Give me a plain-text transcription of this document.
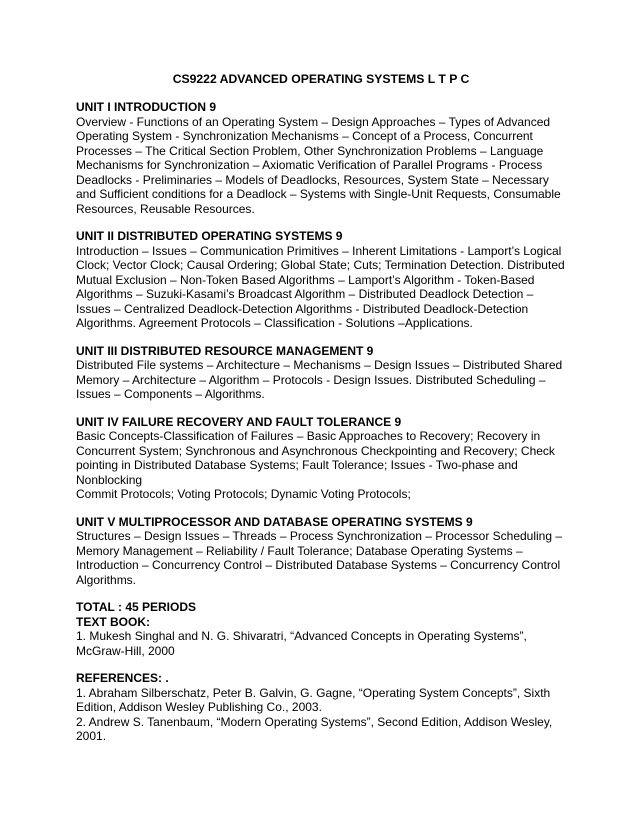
CS9222 ADVANCED OPERATING SYSTEMS L T P C
UNIT I INTRODUCTION 9
Overview - Functions of an Operating System – Design Approaches – Types of Advanced Operating System - Synchronization Mechanisms – Concept of a Process, Concurrent Processes – The Critical Section Problem, Other Synchronization Problems – Language Mechanisms for Synchronization – Axiomatic Verification of Parallel Programs - Process Deadlocks - Preliminaries – Models of Deadlocks, Resources, System State – Necessary and Sufficient conditions for a Deadlock – Systems with Single-Unit Requests, Consumable Resources, Reusable Resources.
UNIT II DISTRIBUTED OPERATING SYSTEMS 9
Introduction – Issues – Communication Primitives – Inherent Limitations - Lamport’s Logical Clock; Vector Clock; Causal Ordering; Global State; Cuts; Termination Detection. Distributed Mutual Exclusion – Non-Token Based Algorithms – Lamport’s Algorithm - Token-Based Algorithms – Suzuki-Kasami’s Broadcast Algorithm – Distributed Deadlock Detection – Issues – Centralized Deadlock-Detection Algorithms - Distributed Deadlock-Detection Algorithms. Agreement Protocols – Classification - Solutions –Applications.
UNIT III DISTRIBUTED RESOURCE MANAGEMENT 9
Distributed File systems – Architecture – Mechanisms – Design Issues – Distributed Shared Memory – Architecture – Algorithm – Protocols - Design Issues. Distributed Scheduling – Issues – Components – Algorithms.
UNIT IV FAILURE RECOVERY AND FAULT TOLERANCE 9
Basic Concepts-Classification of Failures – Basic Approaches to Recovery; Recovery in Concurrent System; Synchronous and Asynchronous Checkpointing and Recovery; Check pointing in Distributed Database Systems; Fault Tolerance; Issues - Two-phase and Nonblocking
Commit Protocols; Voting Protocols; Dynamic Voting Protocols;
UNIT V MULTIPROCESSOR AND DATABASE OPERATING SYSTEMS 9
Structures – Design Issues – Threads – Process Synchronization – Processor Scheduling – Memory Management – Reliability / Fault Tolerance; Database Operating Systems – Introduction – Concurrency Control – Distributed Database Systems – Concurrency Control Algorithms.
TOTAL : 45 PERIODS
TEXT BOOK:
1. Mukesh Singhal and N. G. Shivaratri, “Advanced Concepts in Operating Systems”, McGraw-Hill, 2000
REFERENCES: .
1. Abraham Silberschatz, Peter B. Galvin, G. Gagne, “Operating System Concepts”, Sixth Edition, Addison Wesley Publishing Co., 2003.
2. Andrew S. Tanenbaum, “Modern Operating Systems”, Second Edition, Addison Wesley, 2001.
